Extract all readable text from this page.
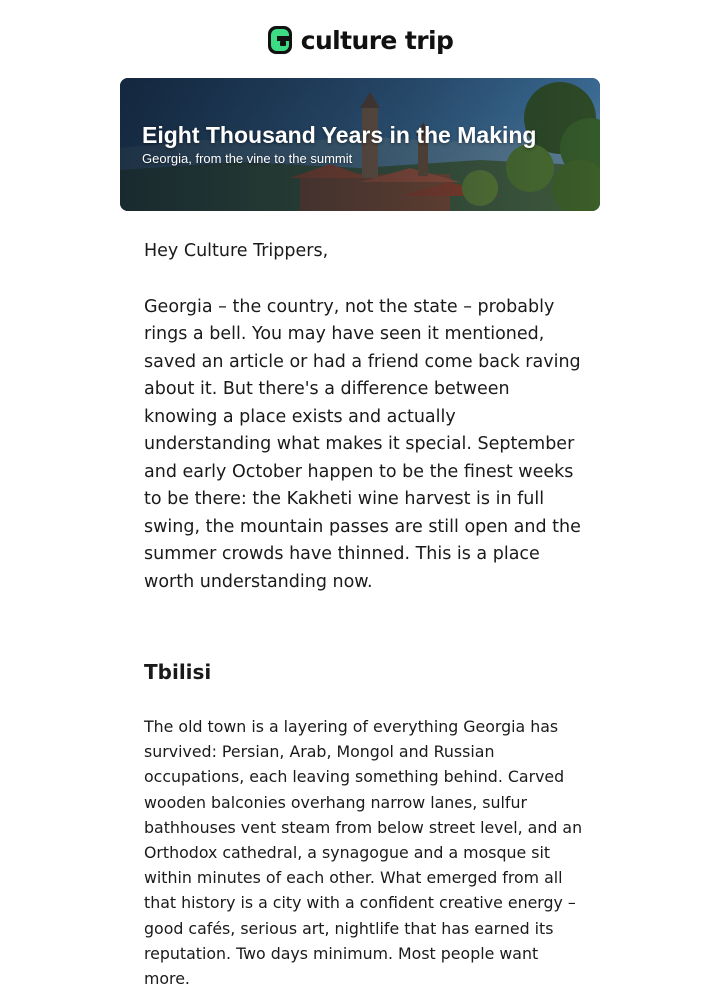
culture trip
Eight Thousand Years in the Making
Georgia, from the vine to the summit

Hey Culture Trippers,

Georgia – the country, not the state – probably rings a bell. You may have seen it mentioned, saved an article or had a friend come back raving about it. But there's a difference between knowing a place exists and actually understanding what makes it special. September and early October happen to be the finest weeks to be there: the Kakheti wine harvest is in full swing, the mountain passes are still open and the summer crowds have thinned. This is a place worth understanding now.

Tbilisi

The old town is a layering of everything Georgia has survived: Persian, Arab, Mongol and Russian occupations, each leaving something behind. Carved wooden balconies overhang narrow lanes, sulfur bathhouses vent steam from below street level, and an Orthodox cathedral, a synagogue and a mosque sit within minutes of each other. What emerged from all that history is a city with a confident creative energy – good cafés, serious art, nightlife that has earned its reputation. Two days minimum. Most people want more.
